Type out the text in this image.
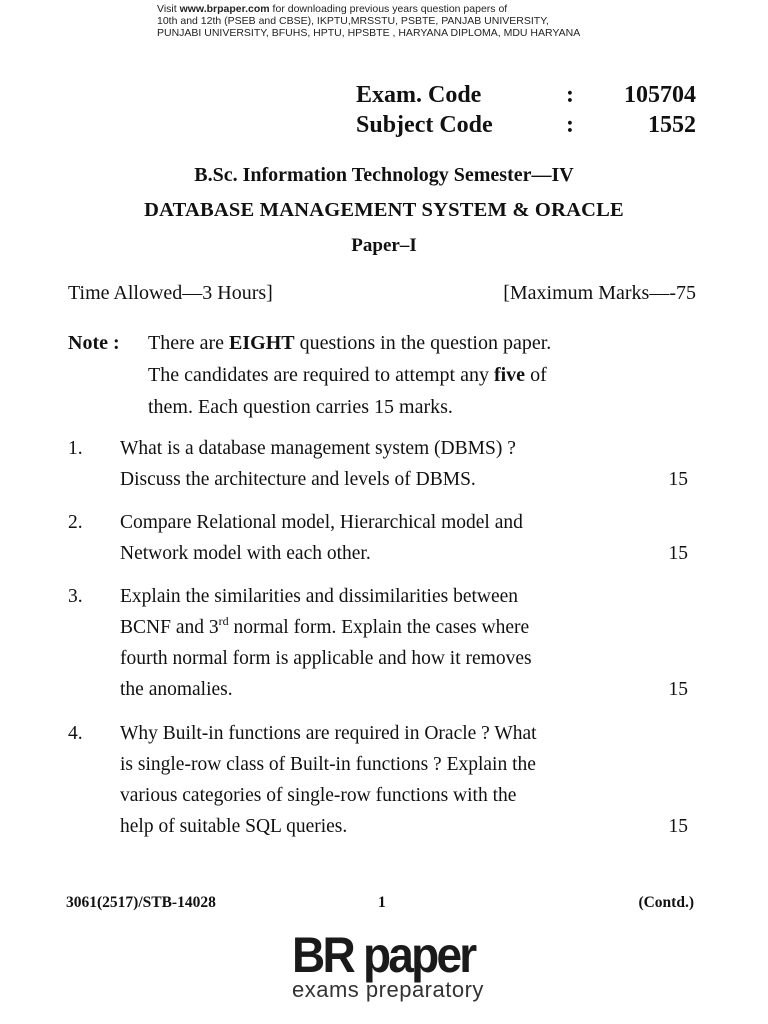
Visit www.brpaper.com for downloading previous years question papers of
10th and 12th (PSEB and CBSE), IKPTU,MRSSTU, PSBTE, PANJAB UNIVERSITY,
PUNJABI UNIVERSITY, BFUHS, HPTU, HPSBTE , HARYANA DIPLOMA, MDU HARYANA
Exam. Code	: 105704
Subject Code	:	1552
B.Sc. Information Technology Semester—IV
DATABASE MANAGEMENT SYSTEM & ORACLE
Paper–I
Time Allowed—3 Hours]	[Maximum Marks—-75
Note : There are EIGHT questions in the question paper.
The candidates are required to attempt any five of
them. Each question carries 15 marks.
1. What is a database management system (DBMS) ?
Discuss the architecture and levels of DBMS.	15
2. Compare Relational model, Hierarchical model and
Network model with each other.	15
3. Explain the similarities and dissimilarities between
BCNF and 3rd normal form. Explain the cases where
fourth normal form is applicable and how it removes
the anomalies.	15
4. Why Built-in functions are required in Oracle ? What
is single-row class of Built-in functions ? Explain the
various categories of single-row functions with the
help of suitable SQL queries.	15
3061(2517)/STB-14028	1	(Contd.)
BR paper
exams preparatory
